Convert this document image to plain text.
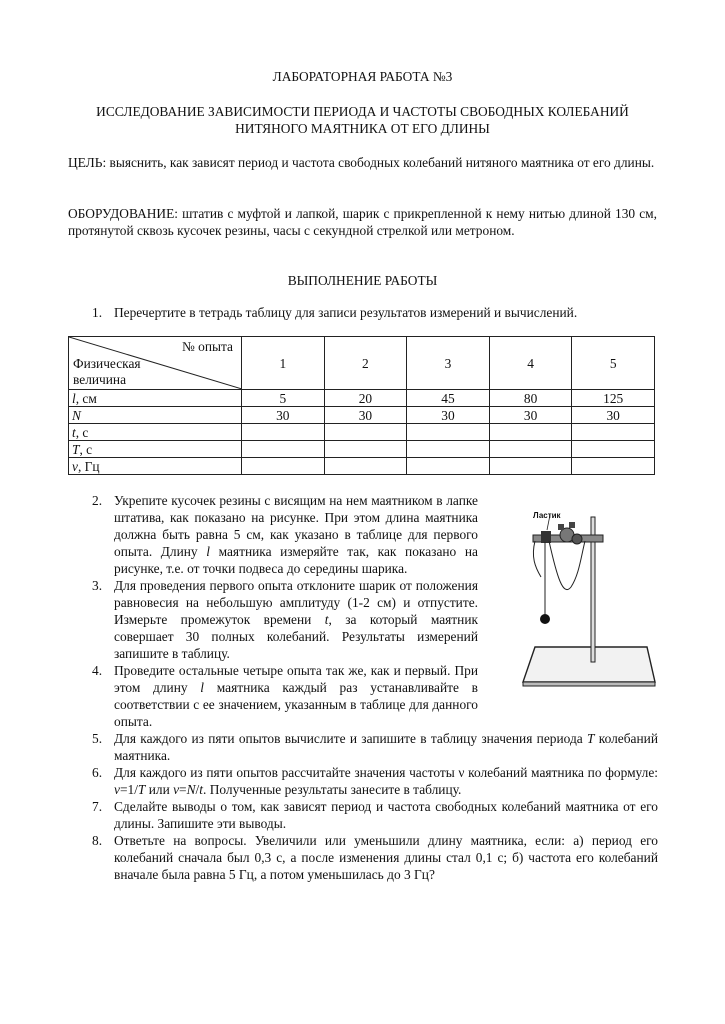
ЛАБОРАТОРНАЯ РАБОТА №3
ИССЛЕДОВАНИЕ ЗАВИСИМОСТИ ПЕРИОДА И ЧАСТОТЫ СВОБОДНЫХ КОЛЕБАНИЙ НИТЯНОГО МАЯТНИКА ОТ ЕГО ДЛИНЫ
ЦЕЛЬ: выяснить, как зависят период и частота свободных колебаний нитяного маятника от его длины.
ОБОРУДОВАНИЕ: штатив с муфтой и лапкой, шарик с прикрепленной к нему нитью длиной 130 см, протянутой сквозь кусочек резины, часы с секундной стрелкой или метроном.
ВЫПОЛНЕНИЕ РАБОТЫ
1. Перечертите в тетрадь таблицу для записи результатов измерений и вычислений.
№ опыта
Физическая
величина	1	2	3	4	5
l, см	5	20	45	80	125
N	30	30	30	30	30
t, с					
T, с					
ν, Гц					
2. Укрепите кусочек резины с висящим на нем маятником в лапке штатива, как показано на рисунке. При этом длина маятника должна быть равна 5 см, как указано в таблице для первого опыта. Длину l маятника измеряйте так, как показано на рисунке, т.е. от точки подвеса до середины шарика.
3. Для проведения первого опыта отклоните шарик от положения равновесия на небольшую амплитуду (1-2 см) и отпустите. Измерьте промежуток времени t, за который маятник совершает 30 полных колебаний. Результаты измерений запишите в таблицу.
4. Проведите остальные четыре опыта так же, как и первый. При этом длину l маятника каждый раз устанавливайте в соответствии с ее значением, указанным в таблице для данного опыта.
5. Для каждого из пяти опытов вычислите и запишите в таблицу значения периода T колебаний маятника.
6. Для каждого из пяти опытов рассчитайте значения частоты ν колебаний маятника по формуле: ν=1/T или ν=N/t. Полученные результаты занесите в таблицу.
7. Сделайте выводы о том, как зависят период и частота свободных колебаний маятника от его длины. Запишите эти выводы.
8. Ответьте на вопросы. Увеличили или уменьшили длину маятника, если: а) период его колебаний сначала был 0,3 с, а после изменения длины стал 0,1 с; б) частота его колебаний вначале была равна 5 Гц, а потом уменьшилась до 3 Гц?
Ластик
